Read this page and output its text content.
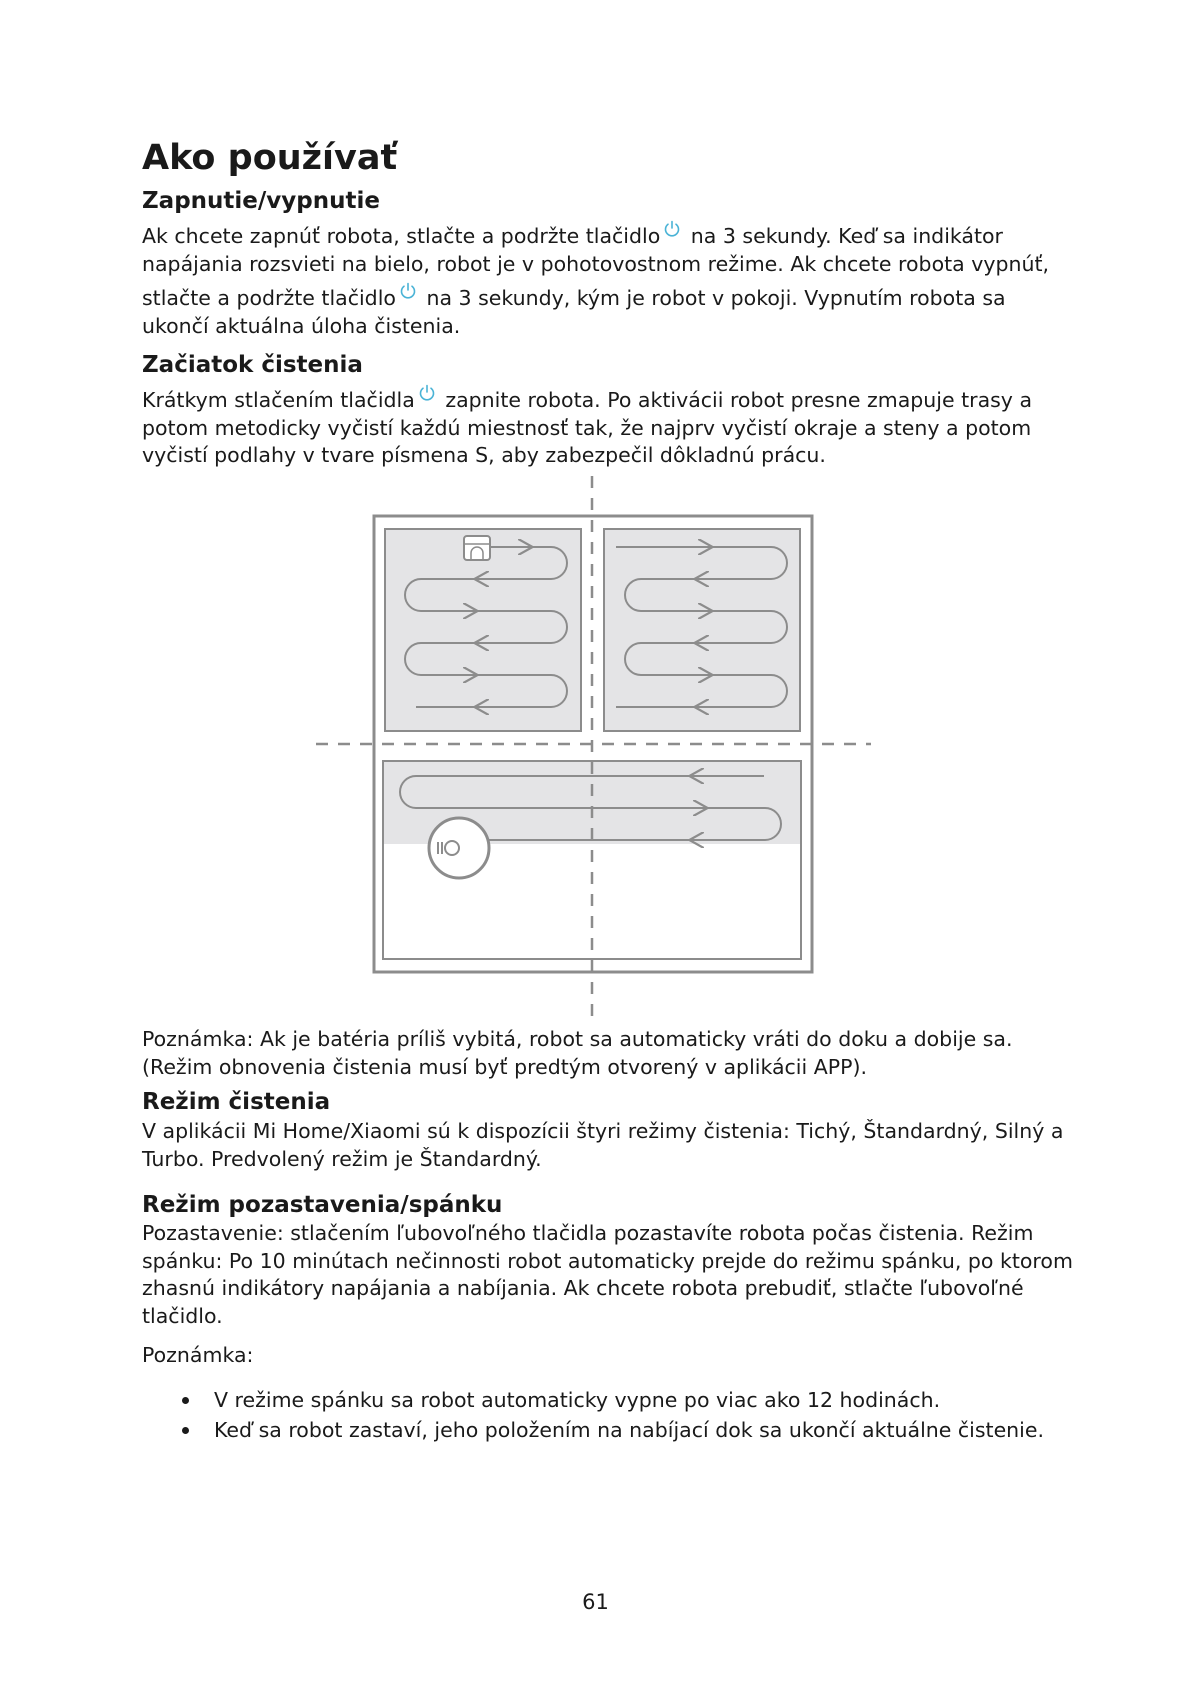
Ako používať
Zapnutie/vypnutie
Ak chcete zapnúť robota, stlačte a podržte tlačidlo
na 3 sekundy. Keď sa indikátor
napájania rozsvieti na bielo, robot je v pohotovostnom režime. Ak chcete robota vypnúť,
stlačte a podržte tlačidlo
na 3 sekundy, kým je robot v pokoji. Vypnutím robota sa
ukončí aktuálna úloha čistenia.
Začiatok čistenia
Krátkym stlačením tlačidla
zapnite robota. Po aktivácii robot presne zmapuje trasy a
potom metodicky vyčistí každú miestnosť tak, že najprv vyčistí okraje a steny a potom
vyčistí podlahy v tvare písmena S, aby zabezpečil dôkladnú prácu.
Poznámka: Ak je batéria príliš vybitá, robot sa automaticky vráti do doku a dobije sa.
(Režim obnovenia čistenia musí byť predtým otvorený v aplikácii APP).
Režim čistenia
V aplikácii Mi Home/Xiaomi sú k dispozícii štyri režimy čistenia: Tichý, Štandardný, Silný a
Turbo. Predvolený režim je Štandardný.
Režim pozastavenia/spánku
Pozastavenie: stlačením ľubovoľného tlačidla pozastavíte robota počas čistenia. Režim
spánku: Po 10 minútach nečinnosti robot automaticky prejde do režimu spánku, po ktorom
zhasnú indikátory napájania a nabíjania. Ak chcete robota prebudiť, stlačte ľubovoľné
tlačidlo.
Poznámka:
V režime spánku sa robot automaticky vypne po viac ako 12 hodinách.
Keď sa robot zastaví, jeho položením na nabíjací dok sa ukončí aktuálne čistenie.
61
